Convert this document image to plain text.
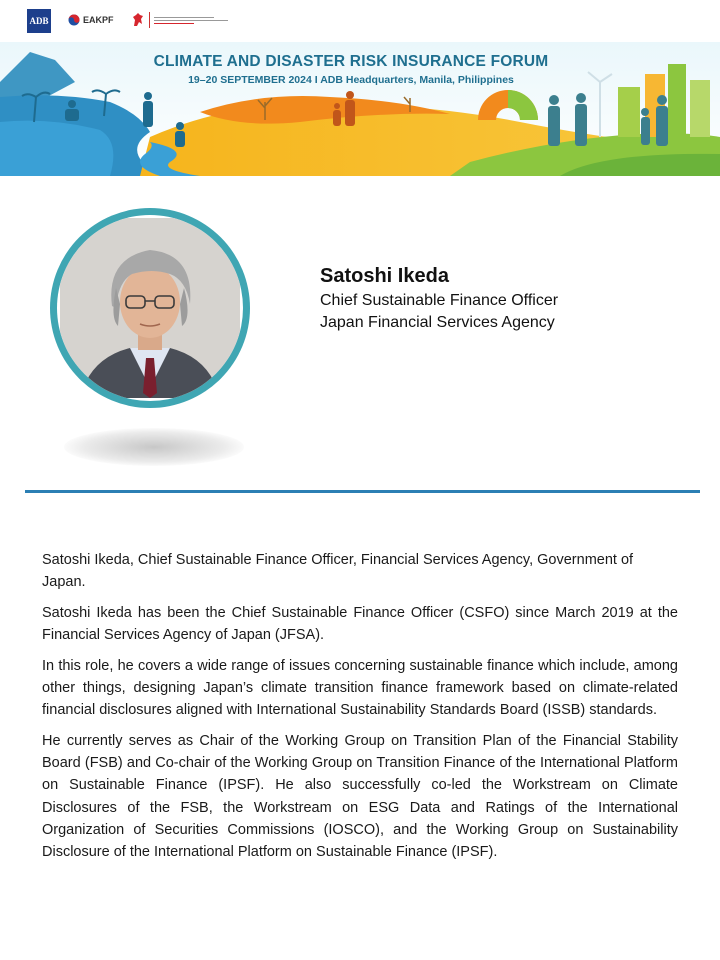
ADB	EAKPF
CLIMATE AND DISASTER RISK INSURANCE FORUM
19–20 SEPTEMBER 2024 I ADB Headquarters, Manila, Philippines
Satoshi Ikeda
Chief Sustainable Finance Officer
Japan Financial Services Agency

Satoshi Ikeda, Chief Sustainable Finance Officer, Financial Services Agency, Government of Japan.

Satoshi Ikeda has been the Chief Sustainable Finance Officer (CSFO) since March 2019 at the Financial Services Agency of Japan (JFSA).

In this role, he covers a wide range of issues concerning sustainable finance which include, among other things, designing Japan’s climate transition finance framework based on climate-related financial disclosures aligned with International Sustainability Standards Board (ISSB) standards.

He currently serves as Chair of the Working Group on Transition Plan of the Financial Stability Board (FSB) and Co-chair of the Working Group on Transition Finance of the International Platform on Sustainable Finance (IPSF). He also successfully co-led the Workstream on Climate Disclosures of the FSB, the Workstream on ESG Data and Ratings of the International Organization of Securities Commissions (IOSCO), and the Working Group on Sustainability Disclosure of the International Platform on Sustainable Finance (IPSF).
